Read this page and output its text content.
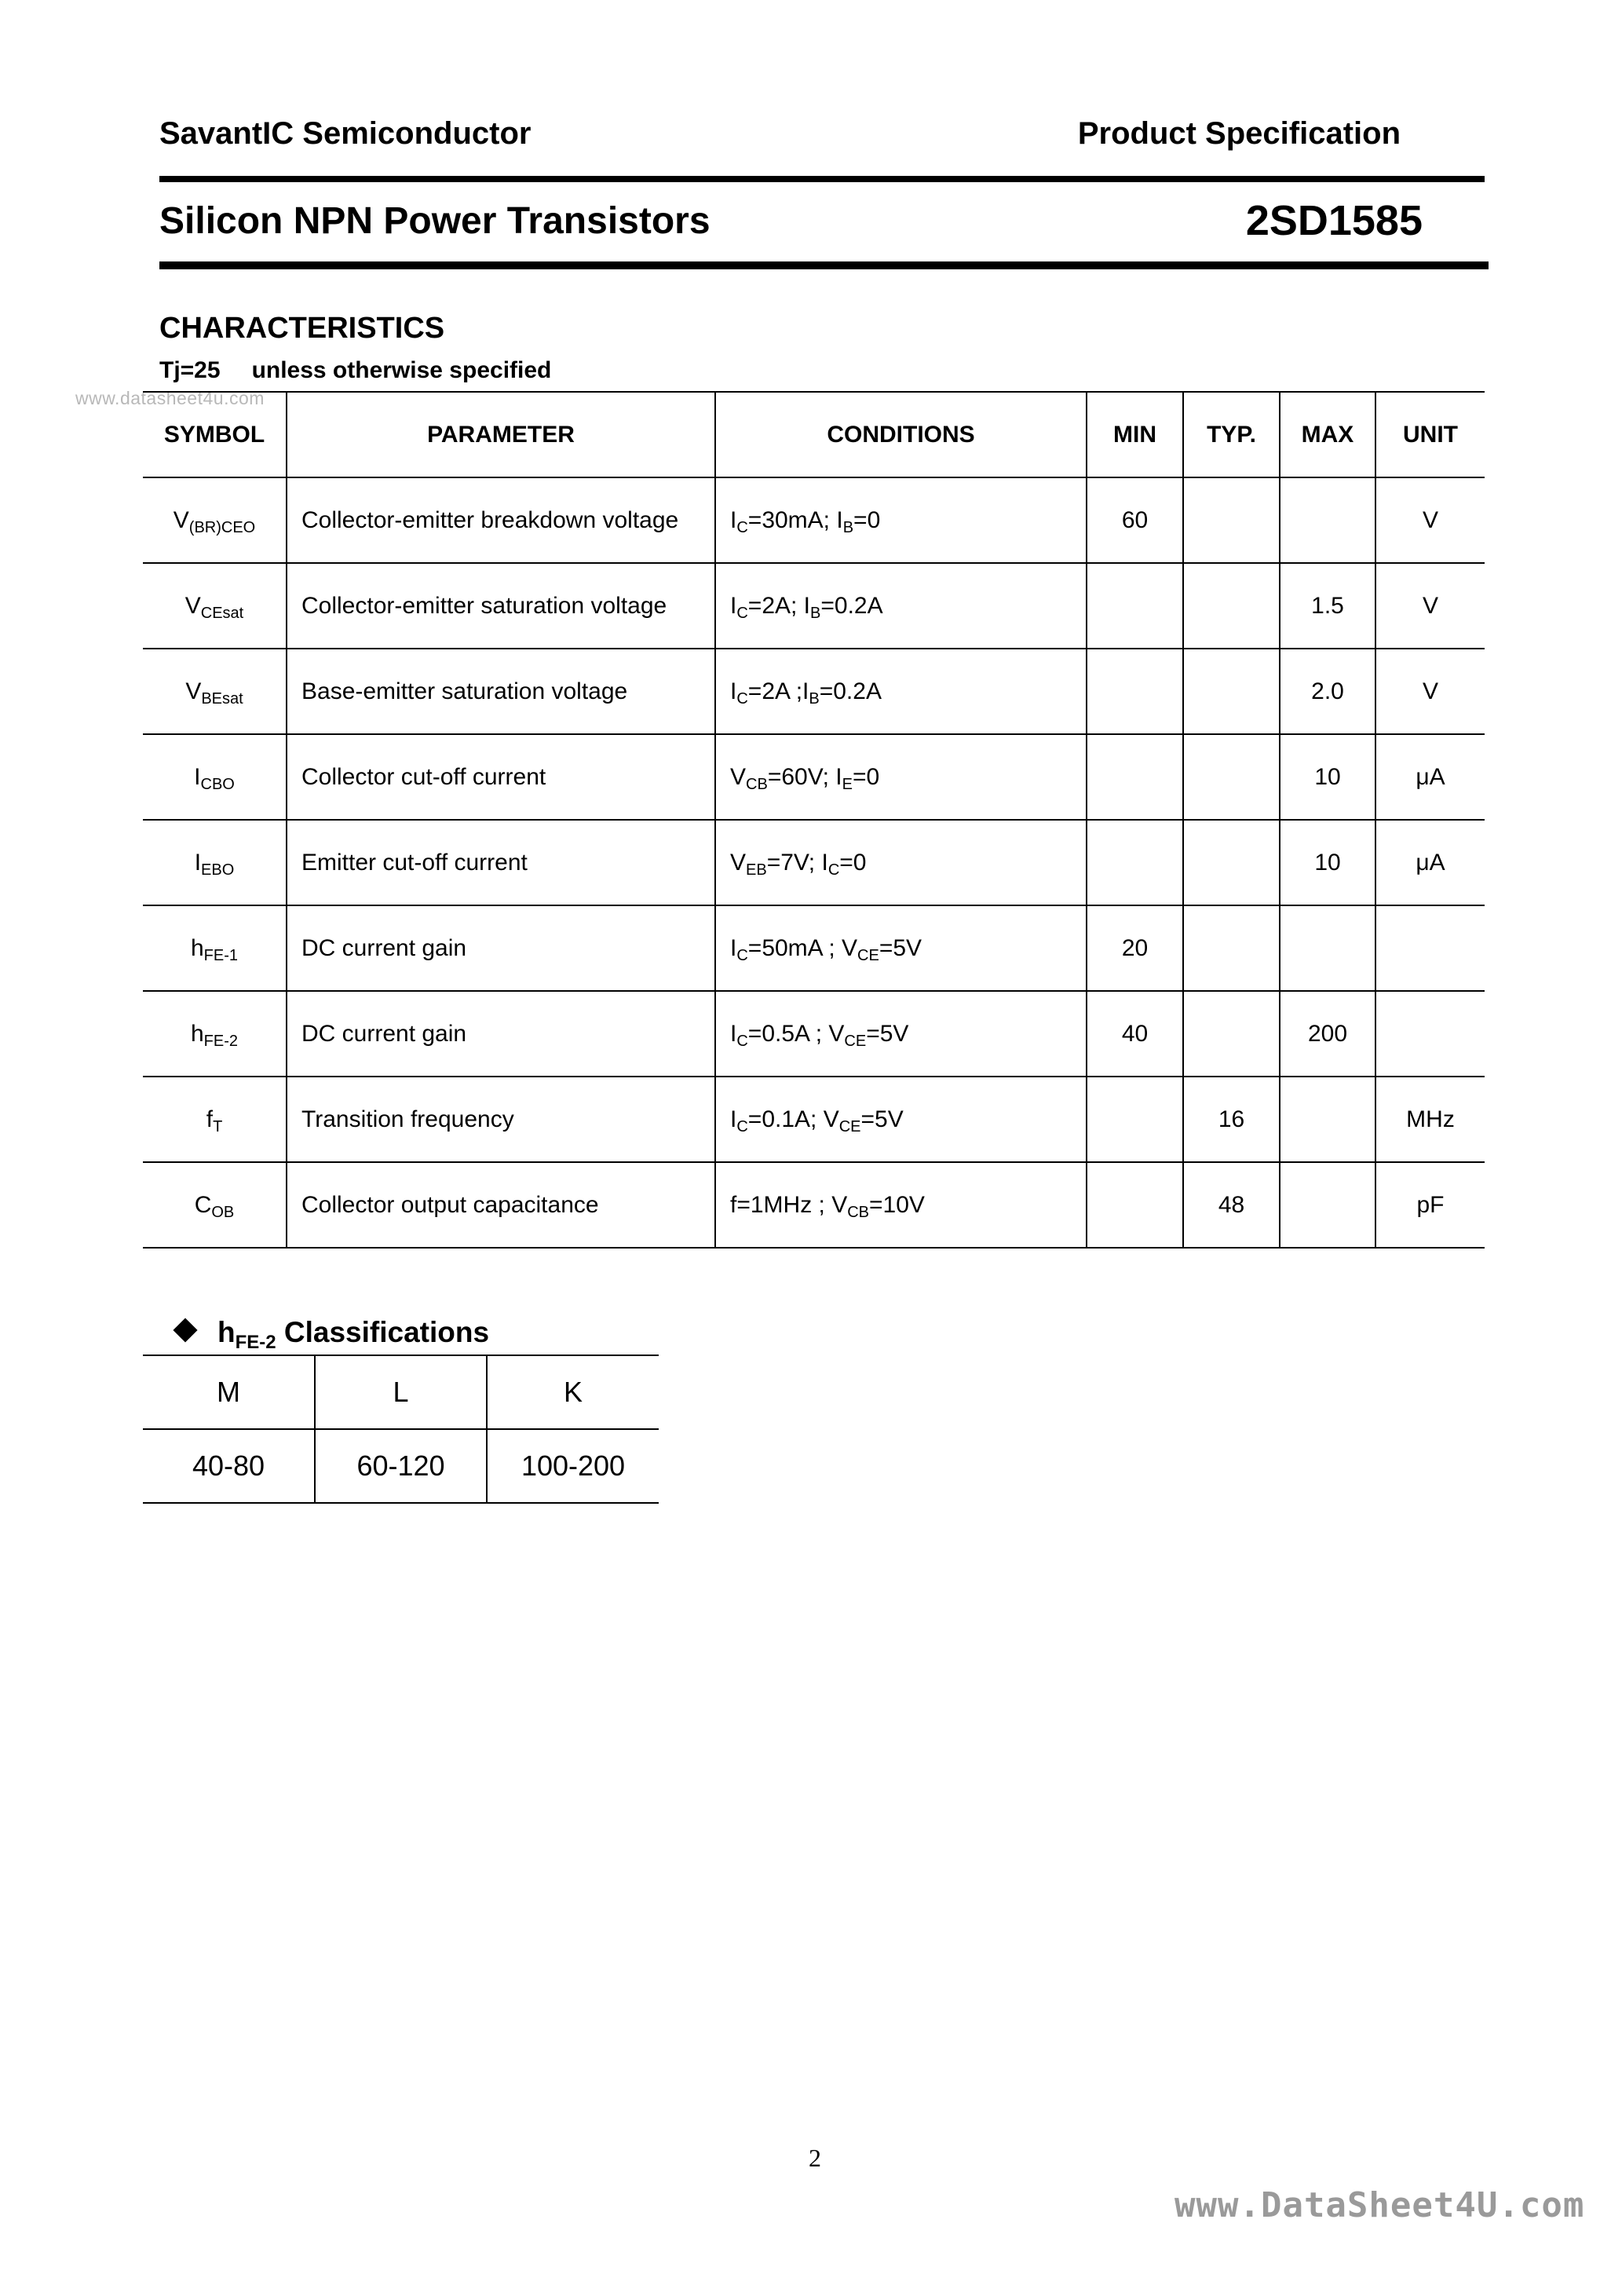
SavantIC Semiconductor	Product Specification
Silicon NPN Power Transistors	2SD1585
CHARACTERISTICS
Tj=25 unless otherwise specified
www.datasheet4u.com
SYMBOL	PARAMETER	CONDITIONS	MIN	TYP.	MAX	UNIT
$V_{(BR)CEO}$	Collector-emitter breakdown voltage	$I_C=30mA$; $I_B=0$	60			V
$V_{CEsat}$	Collector-emitter saturation voltage	$I_C=2A$; $I_B=0.2A$			1.5	V
$V_{BEsat}$	Base-emitter saturation voltage	$I_C=2A$ $;I_B=0.2A$			2.0	V
$I_{CBO}$	Collector cut-off current	$V_{CB}=60V$; $I_E=0$			10	μA
$I_{EBO}$	Emitter cut-off current	$V_{EB}=7V$; $I_C=0$			10	μA
$h_{FE-1}$	DC current gain	$I_C=50mA$ ; $V_{CE}=5V$	20			
$h_{FE-2}$	DC current gain	$I_C=0.5A$ ; $V_{CE}=5V$	40		200	
$f_T$	Transition frequency	$I_C=0.1A$; $V_{CE}=5V$		16		MHz
$C_{OB}$	Collector output capacitance	f=1MHz ; $V_{CB}=10V$		48		pF
$h_{FE-2}$ Classifications
M	L	K
40-80	60-120	100-200
2
www.DataSheet4U.com
